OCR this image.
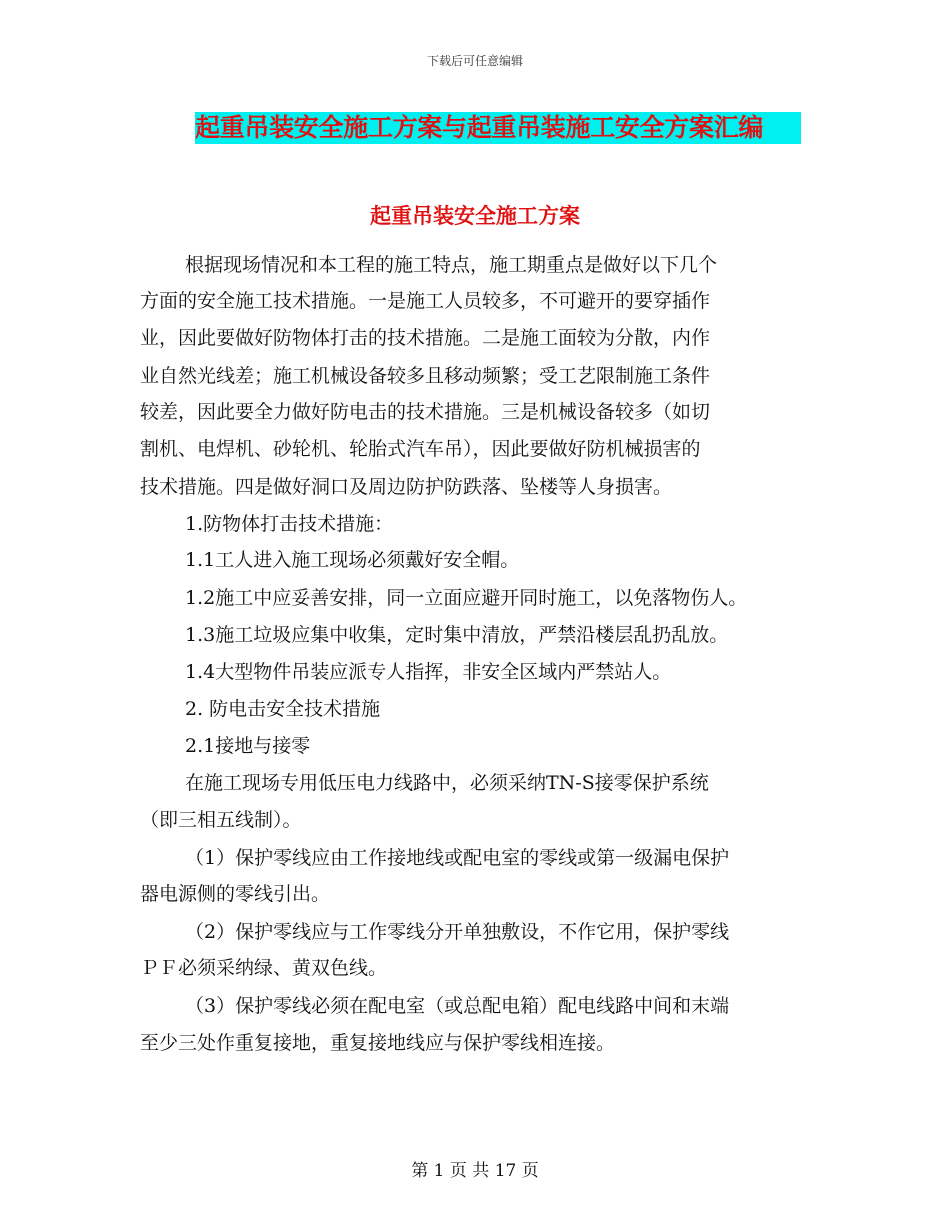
下载后可任意编辑
起重吊装安全施工方案与起重吊装施工安全方案汇编
起重吊装安全施工方案
根据现场情况和本工程的施工特点，施工期重点是做好以下几个
方面的安全施工技术措施。一是施工人员较多，不可避开的要穿插作
业，因此要做好防物体打击的技术措施。二是施工面较为分散，内作
业自然光线差；施工机械设备较多且移动频繁；受工艺限制施工条件
较差，因此要全力做好防电击的技术措施。三是机械设备较多（如切
割机、电焊机、砂轮机、轮胎式汽车吊），因此要做好防机械损害的
技术措施。四是做好洞口及周边防护防跌落、坠楼等人身损害。
1.防物体打击技术措施：
1.1工人进入施工现场必须戴好安全帽。
1.2施工中应妥善安排，同一立面应避开同时施工，以免落物伤人。
1.3施工垃圾应集中收集，定时集中清放，严禁沿楼层乱扔乱放。
1.4大型物件吊装应派专人指挥，非安全区域内严禁站人。
2. 防电击安全技术措施
2.1接地与接零
在施工现场专用低压电力线路中，必须采纳TN-S接零保护系统
（即三相五线制）。
（1）保护零线应由工作接地线或配电室的零线或第一级漏电保护
器电源侧的零线引出。
（2）保护零线应与工作零线分开单独敷设，不作它用，保护零线
ＰＦ必须采纳绿、黄双色线。
（3）保护零线必须在配电室（或总配电箱）配电线路中间和末端
至少三处作重复接地，重复接地线应与保护零线相连接。
第 1 页 共 17 页
